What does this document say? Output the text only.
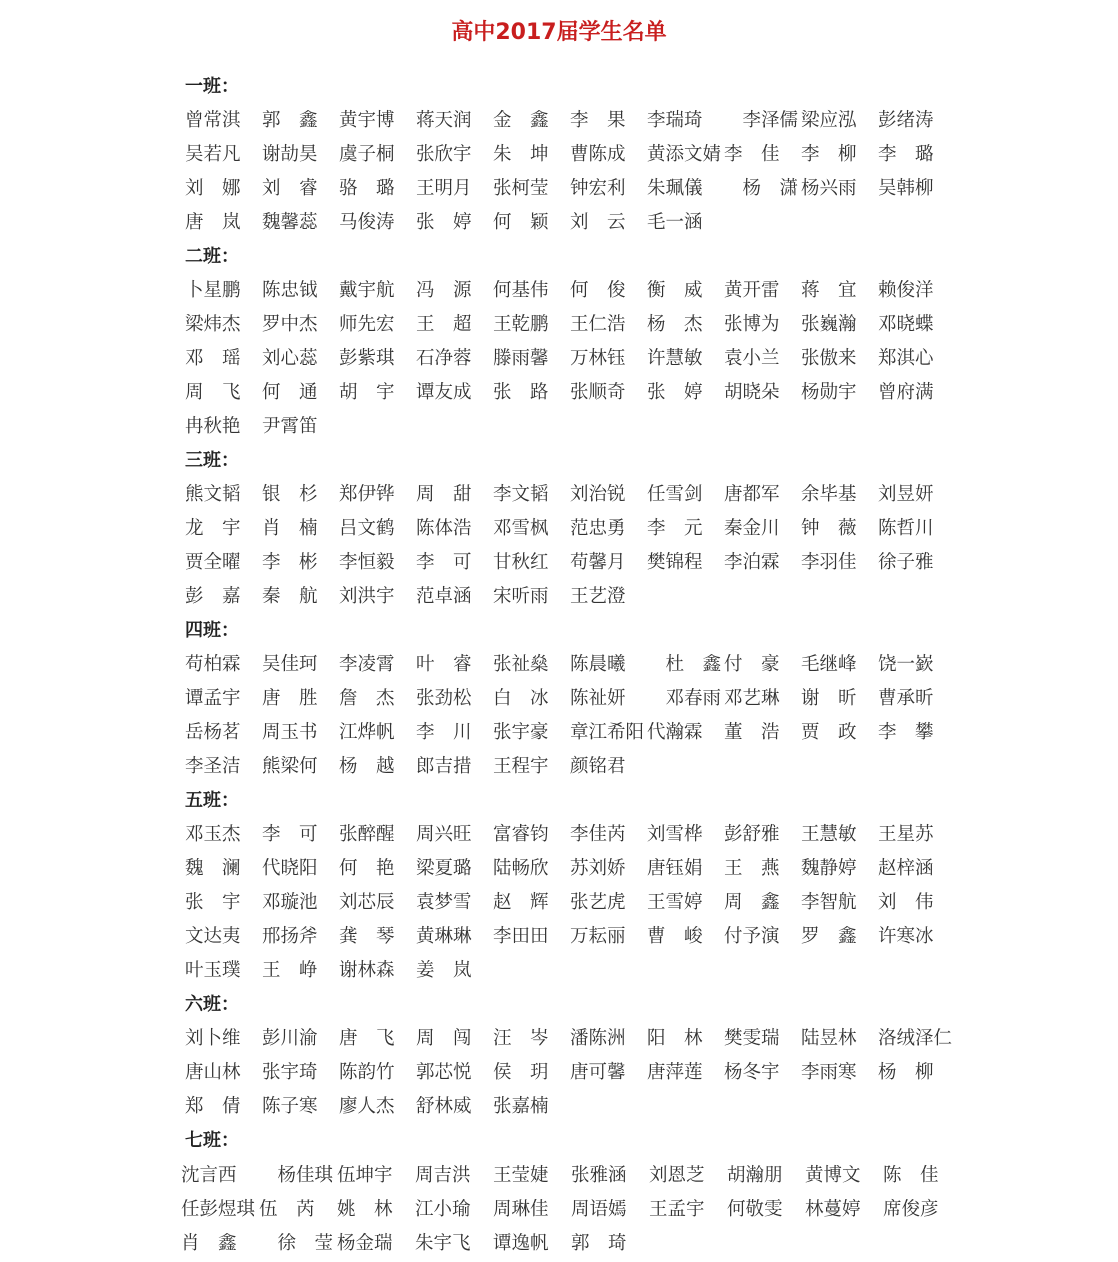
高中2017届学生名单
一班：
曾常淇 郭　鑫 黄宇博 蒋天润 金　鑫 李　果 李瑞琦　李泽儒 梁应泓 彭绪涛
吴若凡 谢劼昊 虞子桐 张欣宇 朱　坤 曹陈成 黄添文婧 李　佳 李　柳 李　璐
刘　娜 刘　睿 骆　璐 王明月 张柯莹 钟宏利 朱珮儀　杨　潇 杨兴雨 吴韩柳
唐　岚 魏馨蕊 马俊涛 张　婷 何　颖 刘　云 毛一涵
二班：
卜星鹏 陈忠钺 戴宇航 冯　源 何基伟 何　俊 衡　威 黄开雷 蒋　宜 赖俊洋
梁炜杰 罗中杰 师先宏 王　超 王乾鹏 王仁浩 杨　杰 张博为 张巍瀚 邓晓蝶
邓　瑶 刘心蕊 彭紫琪 石净蓉 滕雨馨 万林钰 许慧敏 袁小兰 张傲来 郑淇心
周　飞 何　通 胡　宇 谭友成 张　路 张顺奇 张　婷 胡晓朵 杨勋宇 曾府满
冉秋艳 尹霄笛
三班：
熊文韬 银　杉 郑伊铧 周　甜 李文韬 刘治锐 任雪剑 唐都军 余毕基 刘昱妍
龙　宇 肖　楠 吕文鹤 陈体浩 邓雪枫 范忠勇 李　元 秦金川 钟　薇 陈哲川
贾全曜 李　彬 李恒毅 李　可 甘秋红 苟馨月 樊锦程 李泊霖 李羽佳 徐子雅
彭　嘉 秦　航 刘洪宇 范卓涵 宋听雨 王艺澄
四班：
苟柏霖 吴佳珂 李凌霄 叶　睿 张祉燊 陈晨曦　杜　鑫 付　豪 毛继峰 饶一嶔
谭孟宇 唐　胜 詹　杰 张劲松 白　冰 陈祉妍　邓春雨 邓艺琳 谢　昕 曹承昕
岳杨茗 周玉书 江烨帆 李　川 张宇豪 章江希阳 代瀚霖 董　浩 贾　政 李　攀
李圣洁 熊梁何 杨　越 郎吉措 王程宇 颜铭君
五班：
邓玉杰 李　可 张醉醒 周兴旺 富睿钧 李佳芮 刘雪桦 彭舒雅 王慧敏 王星苏
魏　澜 代晓阳 何　艳 梁夏璐 陆畅欣 苏刘娇 唐钰娟 王　燕 魏静婷 赵梓涵
张　宇 邓璇池 刘芯辰 袁梦雪 赵　辉 张艺虎 王雪婷 周　鑫 李智航 刘　伟
文达夷 邢扬斧 龚　琴 黄琳琳 李田田 万耘丽 曹　峻 付予演 罗　鑫 许寒冰
叶玉璞 王　峥 谢林森 姜　岚
六班：
刘卜维 彭川渝 唐　飞 周　闯 汪　岑 潘陈洲 阳　林 樊雯瑞 陆昱林 洛绒泽仁
唐山林 张宇琦 陈韵竹 郭芯悦 侯　玥 唐可馨 唐萍莲 杨冬宇 李雨寒 杨　柳
郑　倩 陈子寒 廖人杰 舒林威 张嘉楠
七班：
沈言西　杨佳琪 伍坤宇 周吉洪 王莹婕 张雅涵 刘恩芝 胡瀚朋 黄博文 陈　佳
任彭煜琪 伍　芮 姚　林 江小瑜 周琳佳 周语嫣 王孟宇 何敬雯 林蔓婷 席俊彦
肖　鑫　徐　莹 杨金瑞 朱宇飞 谭逸帆 郭　琦
